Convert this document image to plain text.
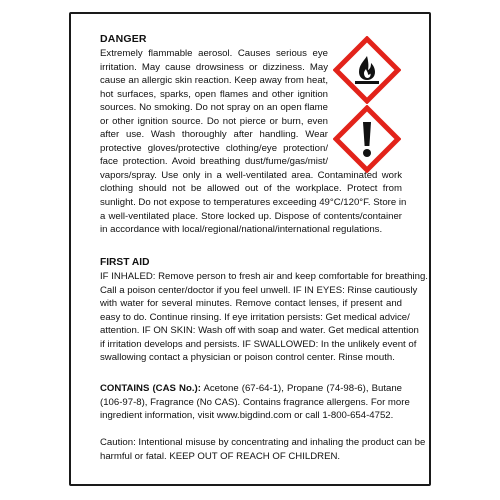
DANGER
Extremely flammable aerosol. Causes serious eye
irritation. May cause drowsiness or dizziness. May
cause an allergic skin reaction. Keep away from heat,
hot surfaces, sparks, open flames and other ignition
sources. No smoking. Do not spray on an open flame
or other ignition source. Do not pierce or burn, even
after use. Wash thoroughly after handling. Wear
protective gloves/protective clothing/eye protection/
face protection. Avoid breathing dust/fume/gas/mist/
vapors/spray. Use only in a well-ventilated area. Contaminated work
clothing should not be allowed out of the workplace. Protect from
sunlight. Do not expose to temperatures exceeding 49°C/120°F. Store in
a well-ventilated place. Store locked up. Dispose of contents/container
in accordance with local/regional/national/international regulations.
FIRST AID
IF INHALED: Remove person to fresh air and keep comfortable for breathing.
Call a poison center/doctor if you feel unwell. IF IN EYES: Rinse cautiously
with water for several minutes. Remove contact lenses, if present and
easy to do. Continue rinsing. If eye irritation persists: Get medical advice/
attention. IF ON SKIN: Wash off with soap and water. Get medical attention
if irritation develops and persists. IF SWALLOWED: In the unlikely event of
swallowing contact a physician or poison control center. Rinse mouth.
CONTAINS (CAS No.): Acetone (67-64-1), Propane (74-98-6), Butane
(106-97-8), Fragrance (No CAS). Contains fragrance allergens. For more
ingredient information, visit www.bigdind.com or call 1-800-654-4752.
Caution: Intentional misuse by concentrating and inhaling the product can be
harmful or fatal. KEEP OUT OF REACH OF CHILDREN.
